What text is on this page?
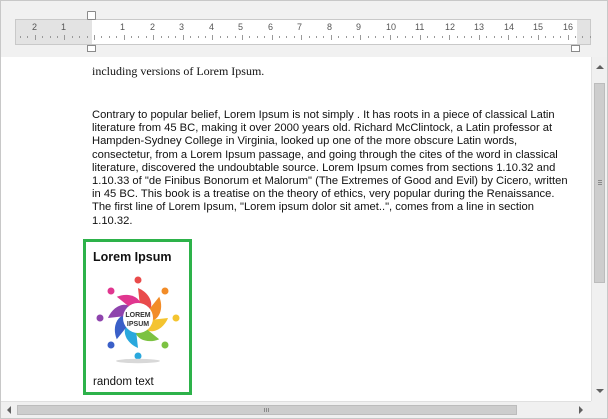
2	1	1	2	3	4	5	6	7	8	9	10 11 12 13 14 15 16
including versions of Lorem Ipsum.
Contrary to popular belief, Lorem Ipsum is not simply . It has roots in a piece of classical Latin
literature from 45 BC, making it over 2000 years old. Richard McClintock, a Latin professor at
Hampden-Sydney College in Virginia, looked up one of the more obscure Latin words,
consectetur, from a Lorem Ipsum passage, and going through the cites of the word in classical
literature, discovered the undoubtable source. Lorem Ipsum comes from sections 1.10.32 and
1.10.33 of "de Finibus Bonorum et Malorum" (The Extremes of Good and Evil) by Cicero, written
in 45 BC. This book is a treatise on the theory of ethics, very popular during the Renaissance.
The first line of Lorem Ipsum, "Lorem ipsum dolor sit amet..", comes from a line in section
1.10.32.
Lorem Ipsum
LOREM
IPSUM
random text
